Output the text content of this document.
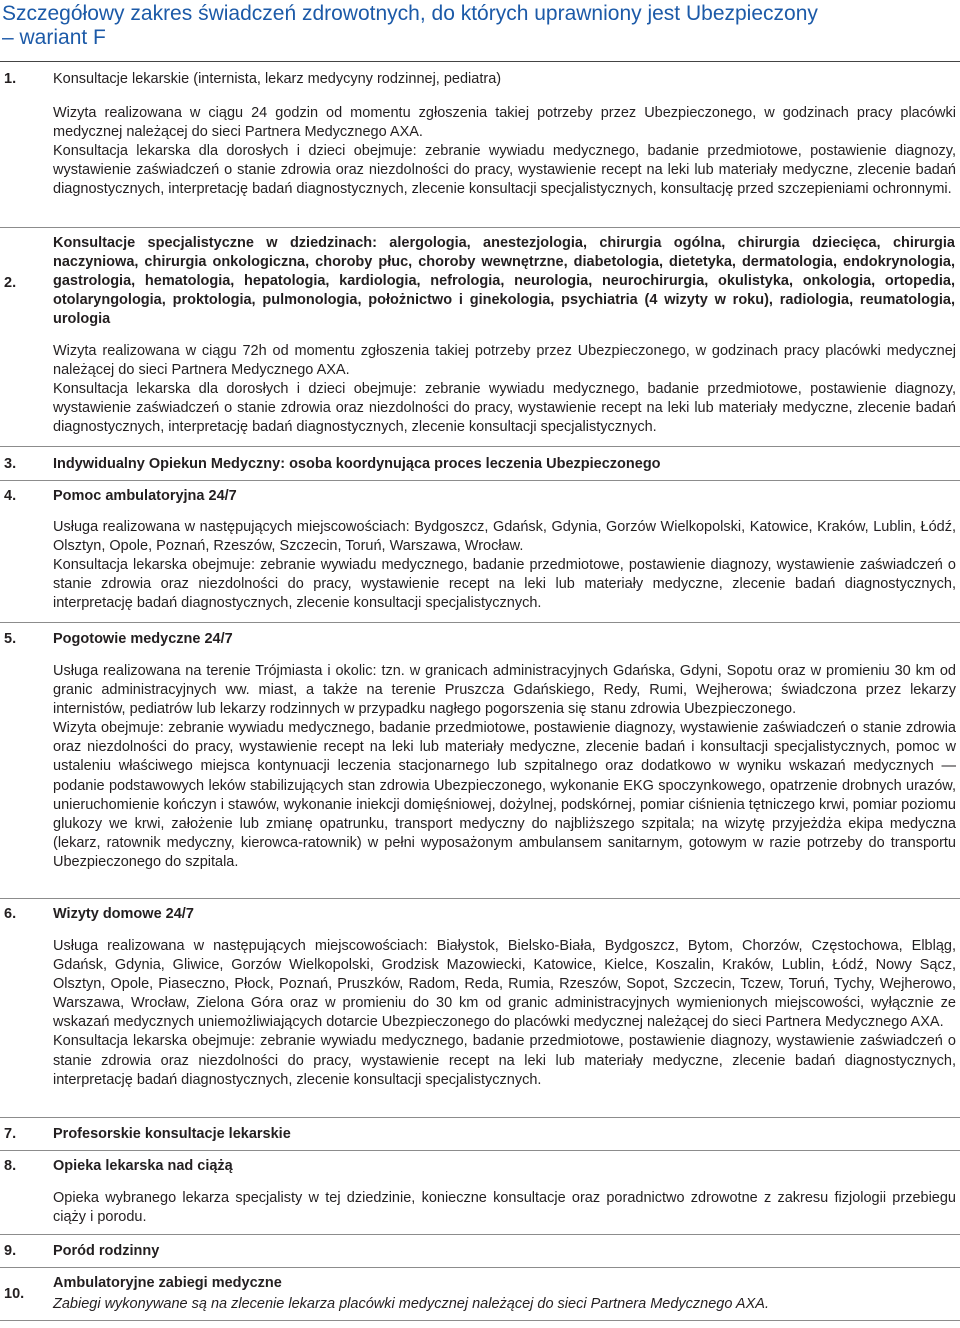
Szczegółowy zakres świadczeń zdrowotnych, do których uprawniony jest Ubezpieczony
– wariant F
1.	Konsultacje lekarskie (internista, lekarz medycyny rodzinnej, pediatra)

Wizyta realizowana w ciągu 24 godzin od momentu zgłoszenia takiej potrzeby przez Ubezpieczonego, w godzinach pracy placówki medycznej należącej do sieci Partnera Medycznego AXA.

Konsultacja lekarska dla dorosłych i dzieci obejmuje: zebranie wywiadu medycznego, badanie przedmiotowe, postawienie diagnozy, wystawienie zaświadczeń o stanie zdrowia oraz niezdolności do pracy, wystawienie recept na leki lub materiały medyczne, zlecenie badań diagnostycznych, interpretację badań diagnostycznych, zlecenie konsultacji specjalistycznych, konsultację przed szczepieniami ochronnymi.

2.
Konsultacje specjalistyczne w dziedzinach: alergologia, anestezjologia, chirurgia ogólna, chirurgia dziecięca, chirurgia naczyniowa, chirurgia onkologiczna, choroby płuc, choroby wewnętrzne, diabetologia, dietetyka, dermatologia, endokrynologia, gastrologia, hematologia, hepatologia, kardiologia, nefrologia, neurologia, neurochirurgia, okulistyka, onkologia, ortopedia, otolaryngologia, proktologia, pulmonologia, położnictwo i ginekologia, psychiatria (4 wizyty w roku), radiologia, reumatologia, urologia

Wizyta realizowana w ciągu 72h od momentu zgłoszenia takiej potrzeby przez Ubezpieczonego, w godzinach pracy placówki medycznej należącej do sieci Partnera Medycznego AXA.

Konsultacja lekarska dla dorosłych i dzieci obejmuje: zebranie wywiadu medycznego, badanie przedmiotowe, postawienie diagnozy, wystawienie zaświadczeń o stanie zdrowia oraz niezdolności do pracy, wystawienie recept na leki lub materiały medyczne, zlecenie badań diagnostycznych, interpretację badań diagnostycznych, zlecenie konsultacji specjalistycznych.

3.	Indywidualny Opiekun Medyczny: osoba koordynująca proces leczenia Ubezpieczonego
4.	Pomoc ambulatoryjna 24/7

Usługa realizowana w następujących miejscowościach: Bydgoszcz, Gdańsk, Gdynia, Gorzów Wielkopolski, Katowice, Kraków, Lublin, Łódź, Olsztyn, Opole, Poznań, Rzeszów, Szczecin, Toruń, Warszawa, Wrocław.

Konsultacja lekarska obejmuje: zebranie wywiadu medycznego, badanie przedmiotowe, postawienie diagnozy, wystawienie zaświadczeń o stanie zdrowia oraz niezdolności do pracy, wystawienie recept na leki lub materiały medyczne, zlecenie badań diagnostycznych, interpretację badań diagnostycznych, zlecenie konsultacji specjalistycznych.

5.	Pogotowie medyczne 24/7

Usługa realizowana na terenie Trójmiasta i okolic: tzn. w granicach administracyjnych Gdańska, Gdyni, Sopotu oraz w promieniu 30 km od granic administracyjnych ww. miast, a także na terenie Pruszcza Gdańskiego, Redy, Rumi, Wejherowa; świadczona przez lekarzy internistów, pediatrów lub lekarzy rodzinnych w przypadku nagłego pogorszenia się stanu zdrowia Ubezpieczonego.

Wizyta obejmuje: zebranie wywiadu medycznego, badanie przedmiotowe, postawienie diagnozy, wystawienie zaświadczeń o stanie zdrowia oraz niezdolności do pracy, wystawienie recept na leki lub materiały medyczne, zlecenie badań i konsultacji specjalistycznych, pomoc w ustaleniu właściwego miejsca kontynuacji leczenia stacjonarnego lub szpitalnego oraz dodatkowo w wyniku wskazań medycznych — podanie podstawowych leków stabilizujących stan zdrowia Ubezpieczonego, wykonanie EKG spoczynkowego, opatrzenie drobnych urazów, unieruchomienie kończyn i stawów, wykonanie iniekcji domięśniowej, dożylnej, podskórnej, pomiar ciśnienia tętniczego krwi, pomiar poziomu glukozy we krwi, założenie lub zmianę opatrunku, transport medyczny do najbliższego szpitala; na wizytę przyjeżdża ekipa medyczna (lekarz, ratownik medyczny, kierowca-ratownik) w pełni wyposażonym ambulansem sanitarnym, gotowym w razie potrzeby do transportu Ubezpieczonego do szpitala.

6.	Wizyty domowe 24/7

Usługa realizowana w następujących miejscowościach: Białystok, Bielsko-Biała, Bydgoszcz, Bytom, Chorzów, Częstochowa, Elbląg, Gdańsk, Gdynia, Gliwice, Gorzów Wielkopolski, Grodzisk Mazowiecki, Katowice, Kielce, Koszalin, Kraków, Lublin, Łódź, Nowy Sącz, Olsztyn, Opole, Piaseczno, Płock, Poznań, Pruszków, Radom, Reda, Rumia, Rzeszów, Sopot, Szczecin, Tczew, Toruń, Tychy, Wejherowo, Warszawa, Wrocław, Zielona Góra oraz w promieniu do 30 km od granic administracyjnych wymienionych miejscowości, wyłącznie ze wskazań medycznych uniemożliwiających dotarcie Ubezpieczonego do placówki medycznej należącej do sieci Partnera Medycznego AXA.

Konsultacja lekarska obejmuje: zebranie wywiadu medycznego, badanie przedmiotowe, postawienie diagnozy, wystawienie zaświadczeń o stanie zdrowia oraz niezdolności do pracy, wystawienie recept na leki lub materiały medyczne, zlecenie badań diagnostycznych, interpretację badań diagnostycznych, zlecenie konsultacji specjalistycznych.

7.	Profesorskie konsultacje lekarskie
8.	Opieka lekarska nad ciążą

Opieka wybranego lekarza specjalisty w tej dziedzinie, konieczne konsultacje oraz poradnictwo zdrowotne z zakresu fizjologii przebiegu ciąży i porodu.

9.	Poród rodzinny
10.
Ambulatoryjne zabiegi medyczne

Zabiegi wykonywane są na zlecenie lekarza placówki medycznej należącej do sieci Partnera Medycznego AXA.
